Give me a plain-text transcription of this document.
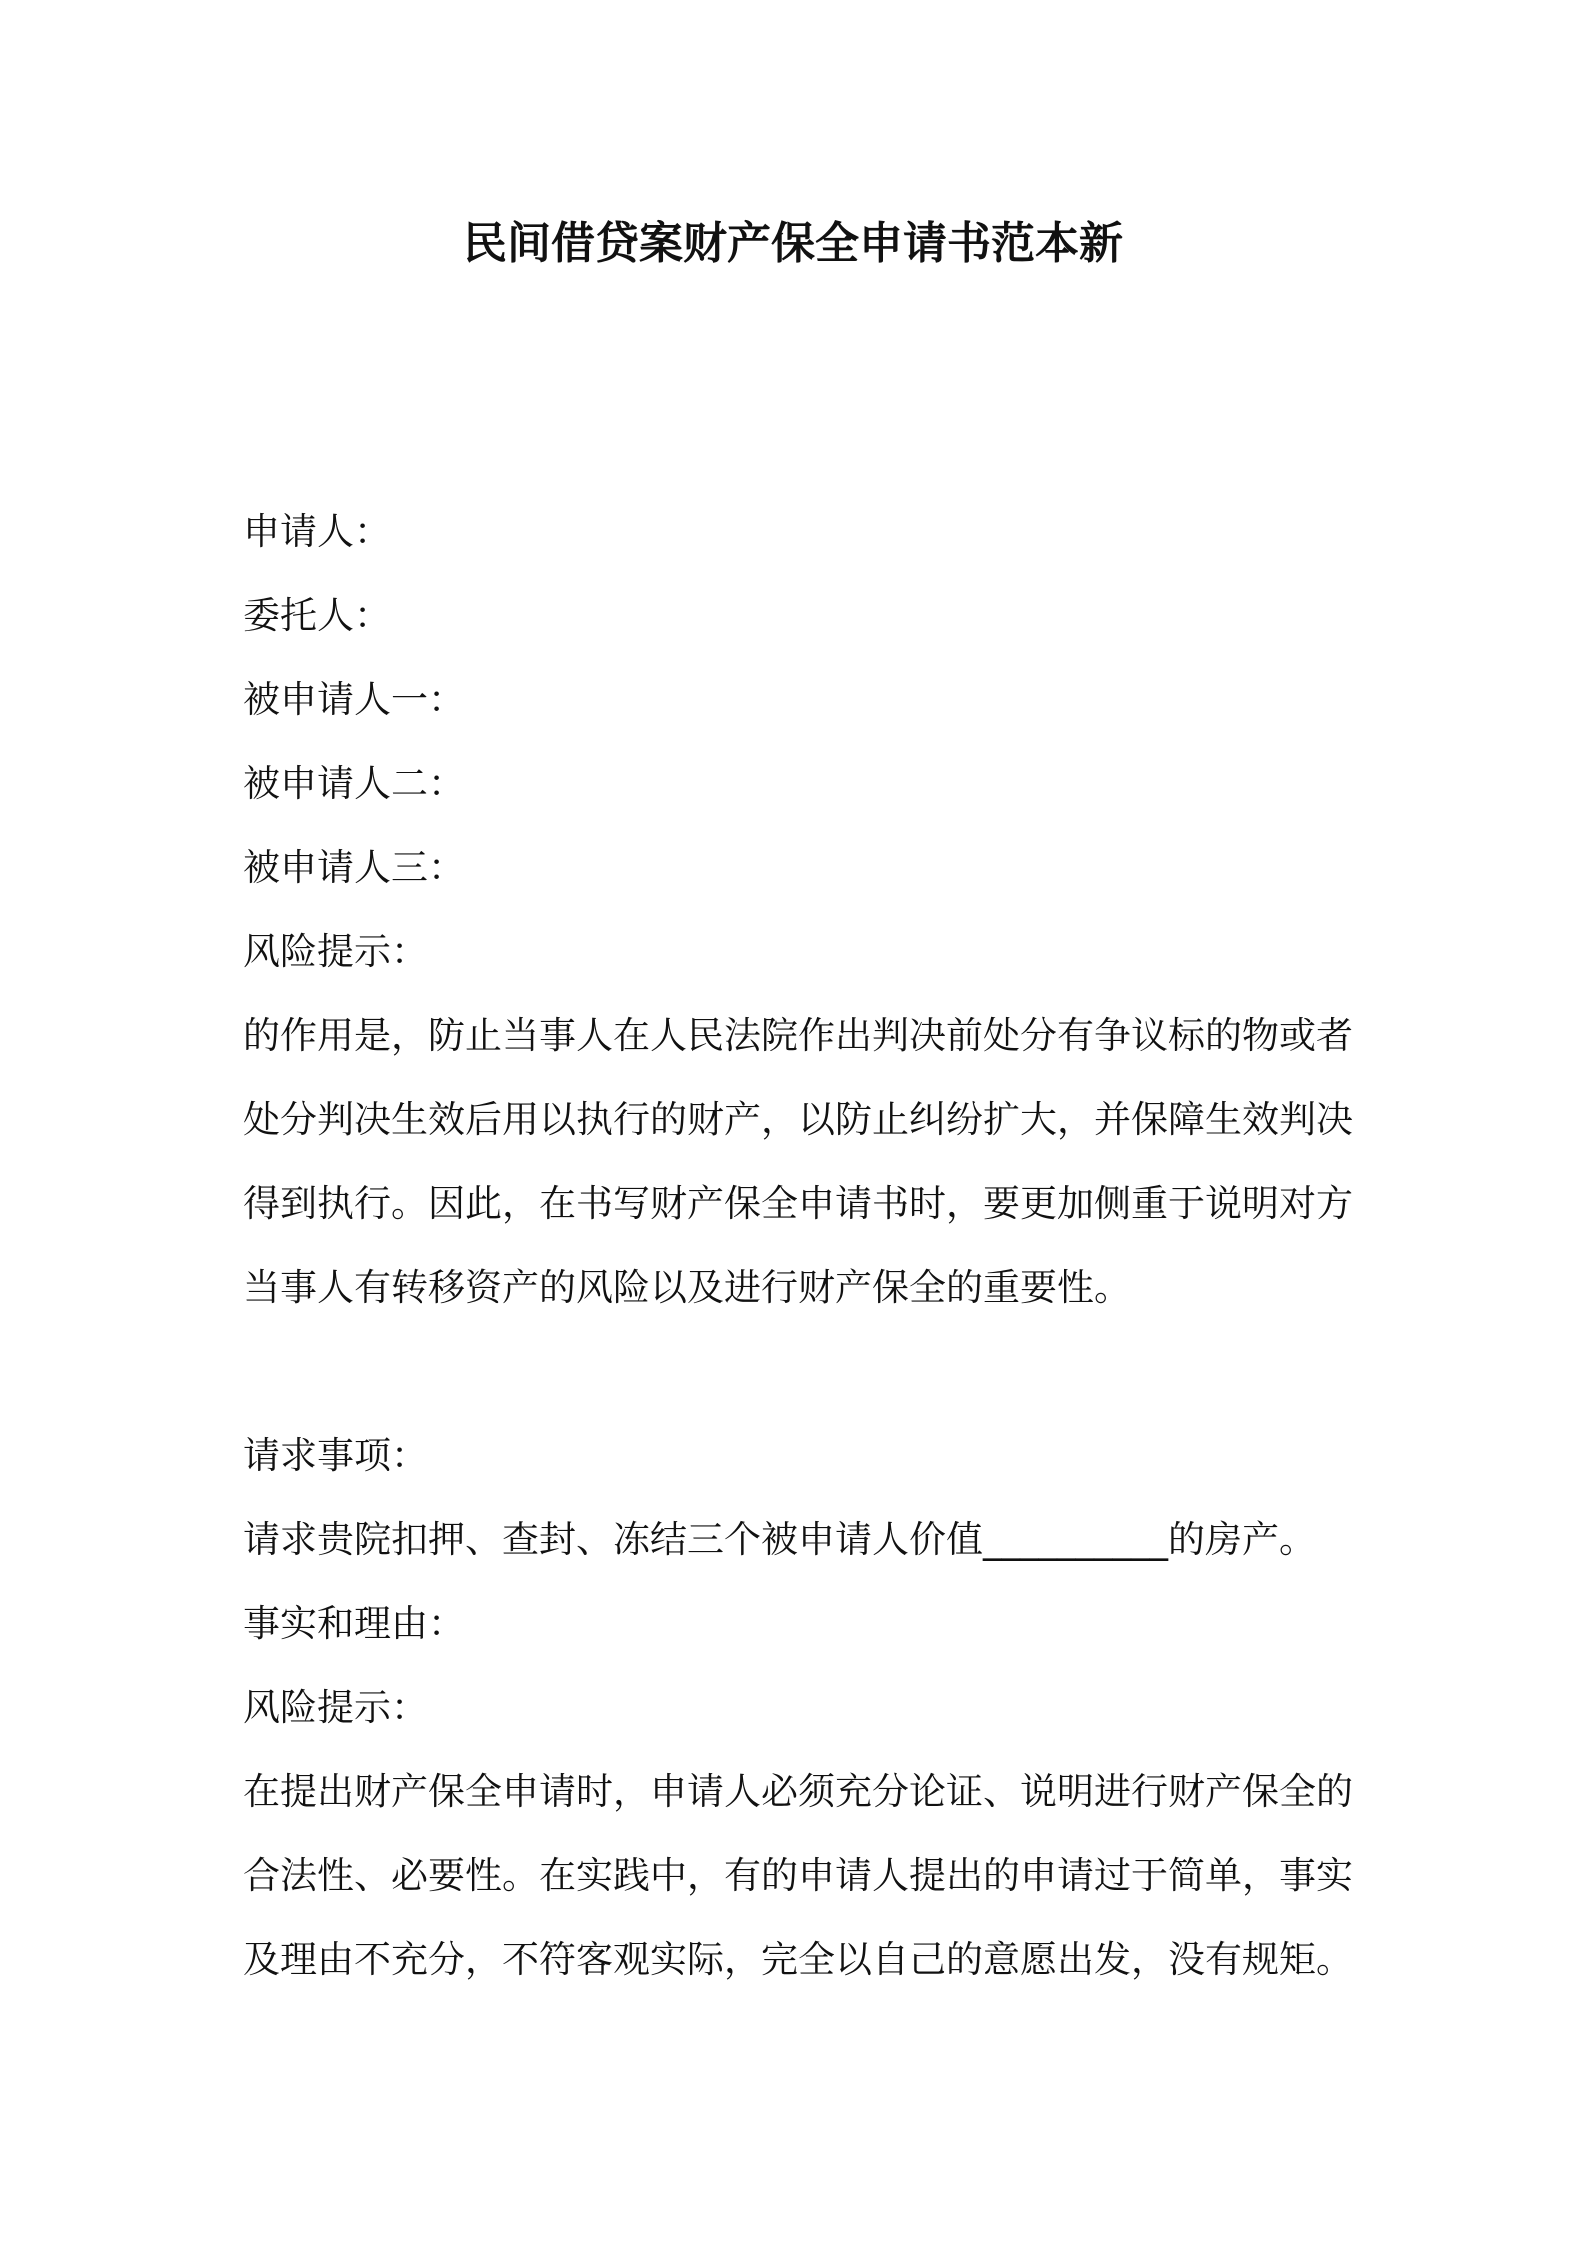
民间借贷案财产保全申请书范本新
申请人：
委托人：
被申请人一：
被申请人二：
被申请人三：
风险提示：
的作用是，防止当事人在人民法院作出判决前处分有争议标的物或者
处分判决生效后用以执行的财产，以防止纠纷扩大，并保障生效判决
得到执行。因此，在书写财产保全申请书时，要更加侧重于说明对方
当事人有转移资产的风险以及进行财产保全的重要性。
请求事项：
请求贵院扣押、查封、冻结三个被申请人价值__________的房产。
事实和理由：
风险提示：
在提出财产保全申请时，申请人必须充分论证、说明进行财产保全的
合法性、必要性。在实践中，有的申请人提出的申请过于简单，事实
及理由不充分，不符客观实际，完全以自己的意愿出发，没有规矩。
